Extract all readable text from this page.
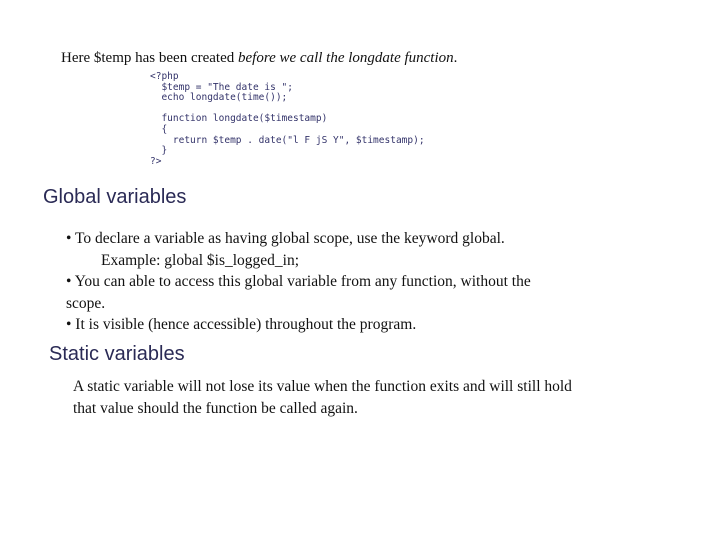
Here $temp has been created before we call the longdate function.
<?php
$temp = "The date is ";
echo longdate(time());
function longdate($timestamp)
{
return $temp . date("l F jS Y", $timestamp);
}
?>
Global variables
• To declare a variable as having global scope, use the keyword global.
Example: global $is_logged_in;
• You can able to access this global variable from any function, without the
scope.
• It is visible (hence accessible) throughout the program.
Static variables
A static variable will not lose its value when the function exits and will still hold
that value should the function be called again.
